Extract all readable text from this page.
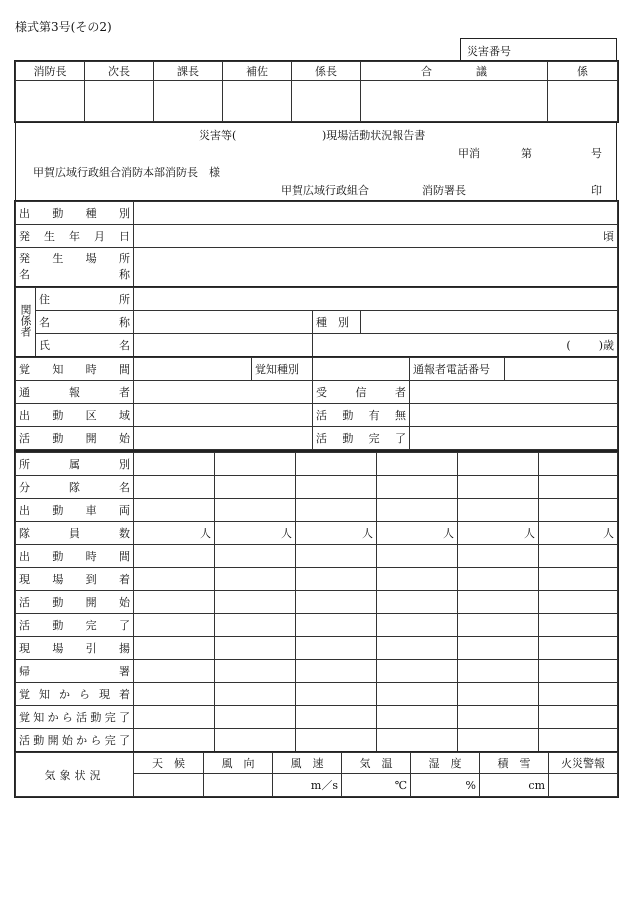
様式第3号(その2)
災害番号
消防長	次長	課長	補佐	係長	合　　　　議	係

災害等(	)現場活動状況報告書
甲消	第	号
甲賀広域行政組合消防本部消防長　様
甲賀広域行政組合	消防署長	印
出動種別	
発生年月日	頃

発生場所
名称	

関係者	住所			
	名称		種　別	
	氏名		( )歳	
覚知時間		覚知種別		通報者電話番号	
通報者			受信者		
出動区域			活動有無		
活動開始			活動完了		
所属別						
分隊名						
出動車両						
隊員数	人	人	人	人	人	人
出動時間						
現場到着						
活動開始						
活動完了						
現場引揚						
帰署						
覚知から現着						
覚知から活動完了						
活動開始から完了						
気象状況	天　候	風　向	風　速	気　温	湿　度	積　雪	火災警報
			m／s	℃	%	cm	
